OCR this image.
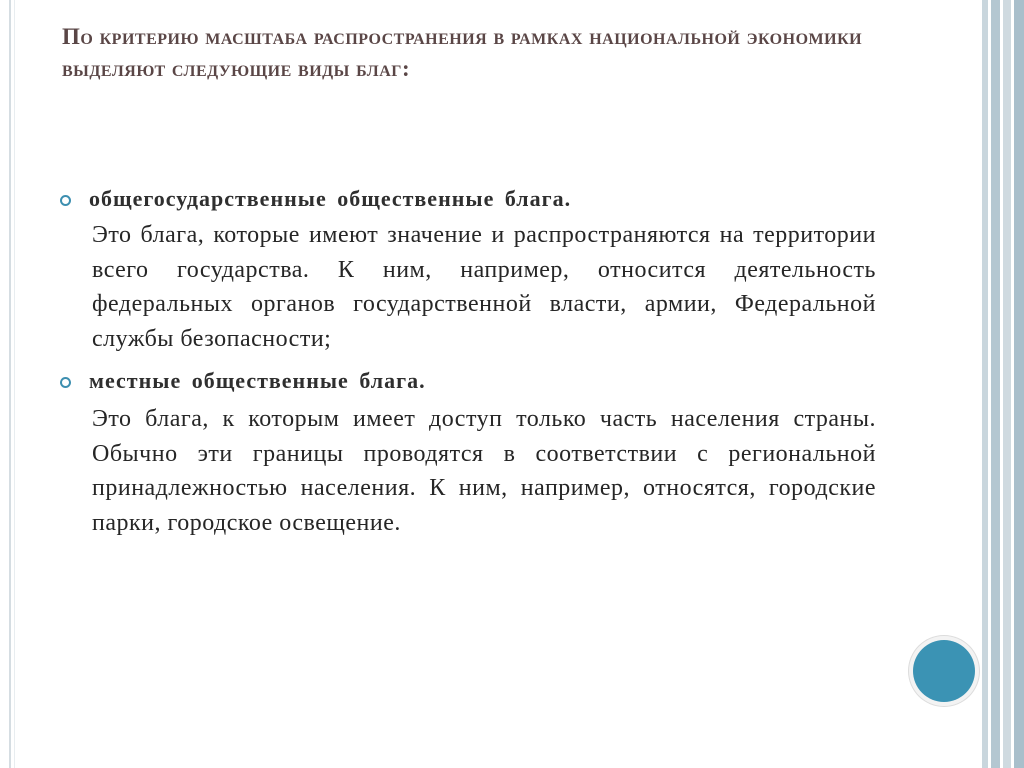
По критерию масштаба распространения в рамках национальной экономики выделяют следующие виды благ:
общегосударственные общественные блага.

Это блага, которые имеют значение и распространяются на территории всего государства. К ним, например, относится деятельность федеральных органов государственной власти, армии, Федеральной службы безопасности;

местные общественные блага.

Это блага, к которым имеет доступ только часть населения страны. Обычно эти границы проводятся в соответствии с региональной принадлежностью населения. К ним, например, относятся, городские парки, городское освещение.
